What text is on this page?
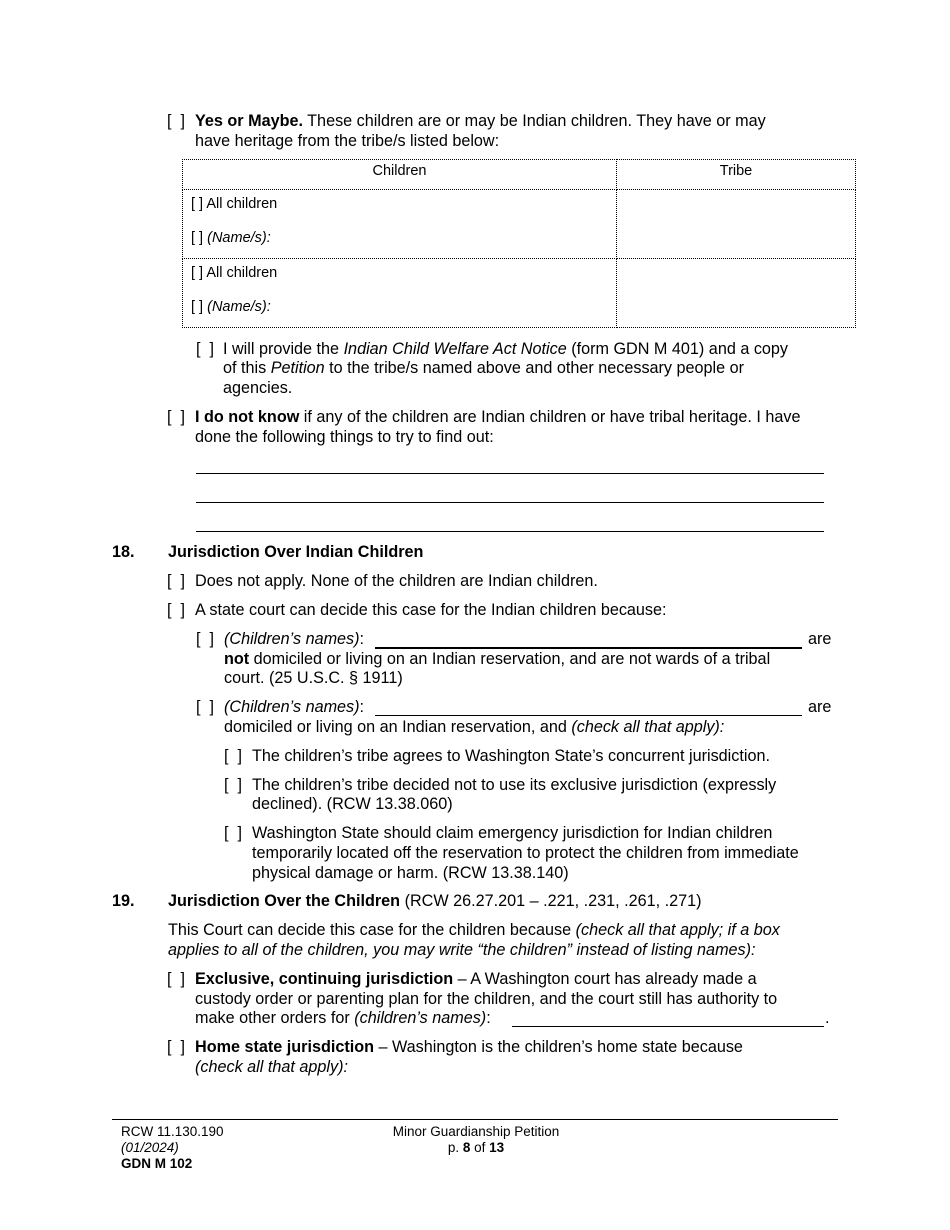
[  ] Yes or Maybe. These children are or may be Indian children. They have or may
have heritage from the tribe/s listed below:
Children	Tribe

[ ] All children
[ ] (Name/s):	

[ ] All children
[ ] (Name/s):	

[  ] I will provide the Indian Child Welfare Act Notice (form GDN M 401) and a copy
of this Petition to the tribe/s named above and other necessary people or
agencies.
[  ] I do not know if any of the children are Indian children or have tribal heritage. I have
done the following things to try to find out:
18. Jurisdiction Over Indian Children
[  ] Does not apply. None of the children are Indian children.
[  ] A state court can decide this case for the Indian children because:
[  ] (Children’s names):	are
not domiciled or living on an Indian reservation, and are not wards of a tribal
court. (25 U.S.C. § 1911)
[  ] (Children’s names):	are
domiciled or living on an Indian reservation, and (check all that apply):
[  ] The children’s tribe agrees to Washington State’s concurrent jurisdiction.
[  ] The children’s tribe decided not to use its exclusive jurisdiction (expressly
declined). (RCW 13.38.060)
[  ] Washington State should claim emergency jurisdiction for Indian children
temporarily located off the reservation to protect the children from immediate
physical damage or harm. (RCW 13.38.140)
19. Jurisdiction Over the Children (RCW 26.27.201 – .221, .231, .261, .271)
This Court can decide this case for the children because (check all that apply; if a box
applies to all of the children, you may write “the children” instead of listing names):
[  ] Exclusive, continuing jurisdiction – A Washington court has already made a
custody order or parenting plan for the children, and the court still has authority to
make other orders for (children’s names):	.
[  ] Home state jurisdiction – Washington is the children’s home state because
(check all that apply):
RCW 11.130.190
(01/2024)
GDN M 102
Minor Guardianship Petition
p. 8 of 13
